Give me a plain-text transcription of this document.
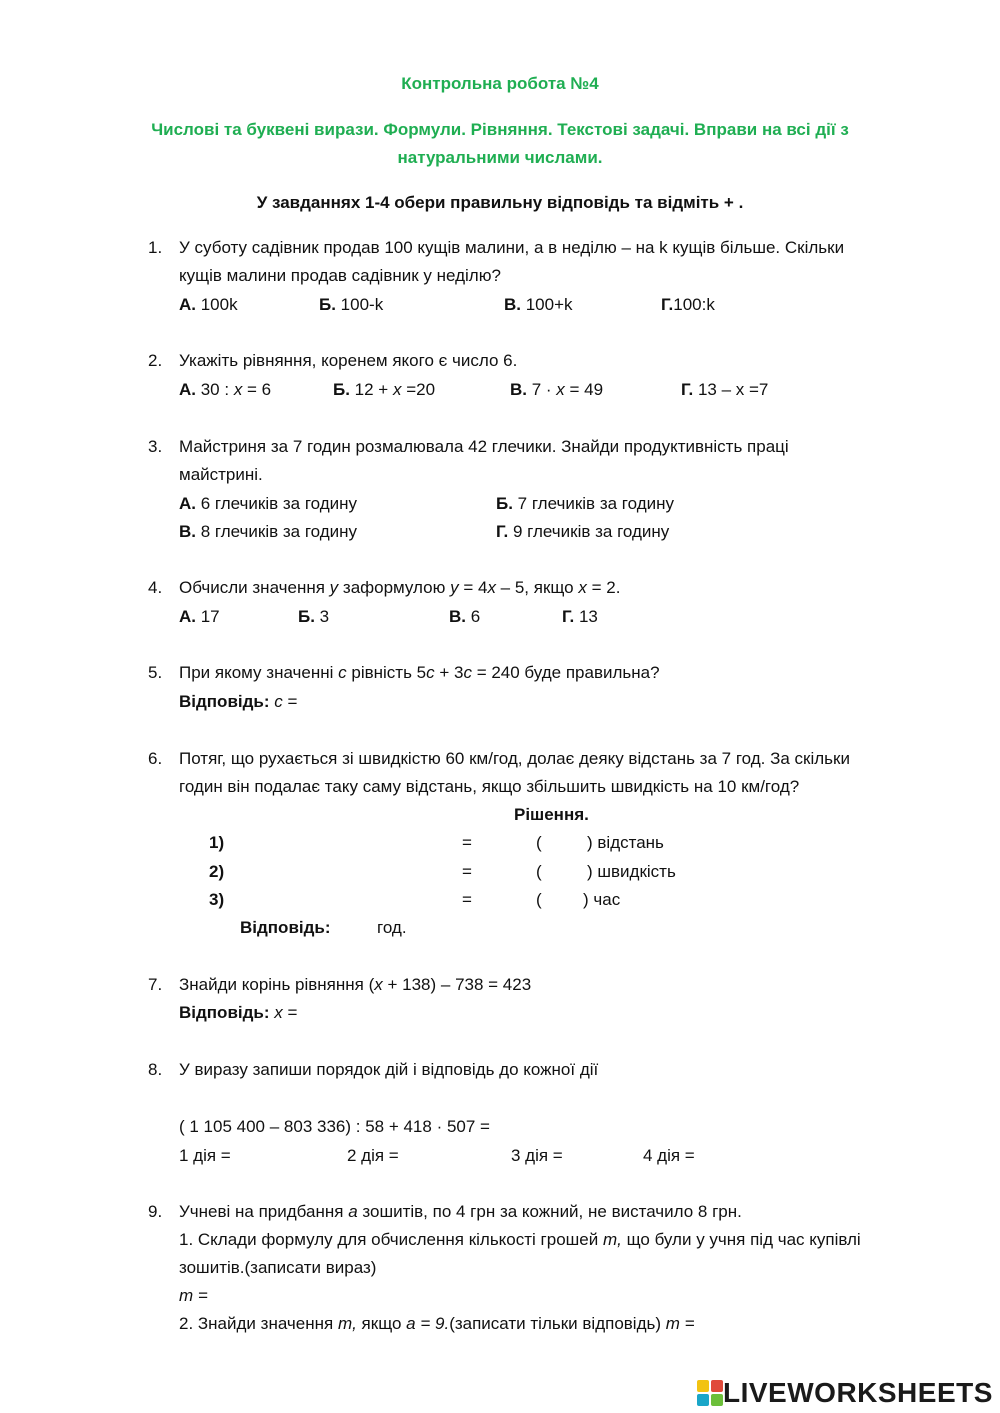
Контрольна робота №4
Числові та буквені вирази. Формули. Рівняння. Текстові задачі. Вправи на всі дії з
натуральними числами.
У завданнях 1-4 обери правильну відповідь та відміть + .
1. У суботу садівник продав 100 кущів малини, а в неділю – на k кущів більше. Скільки
кущів малини продав садівник у неділю?
А. 100k	Б. 100-k	В. 100+k	Г.100:k
2. Укажіть рівняння, коренем якого є число 6.
А. 30 : x = 6	Б. 12 + x =20	В. 7 · x = 49	Г. 13 – x =7
3. Майстриня за 7 годин розмалювала 42 глечики. Знайди продуктивність праці
майстрині.
А. 6 глечиків за годину	Б. 7 глечиків за годину
В. 8 глечиків за годину	Г. 9 глечиків за годину
4. Обчисли значення у заформулою у = 4х – 5, якщо х = 2.
А. 17	Б. 3	В. 6	Г. 13
5. При якому значенні с рівність 5с + 3с = 240 буде правильна?
Відповідь: с =
6. Потяг, що рухається зі швидкістю 60 км/год, долає деяку відстань за 7 год. За скільки
годин він подалає таку саму відстань, якщо збільшить швидкість на 10 км/год?
Рішення.
1)	=	(	) відстань
2)	=	(	) швидкість
3)	=	( ) час
Відповідь:	год.
7. Знайди корінь рівняння (х + 138) – 738 = 423
Відповідь: х =
8. У виразу запиши порядок дій і відповідь до кожної дії
( 1 105 400 – 803 336) : 58 + 418 · 507 =
1 дія =	2 дія =	3 дія =	4 дія =
9. Учневі на придбання а зошитів, по 4 грн за кожний, не вистачило 8 грн.
1. Склади формулу для обчислення кількості грошей m, що були у учня під час купівлі
зошитів.(записати вираз)
m =
2. Знайди значення m, якщо а = 9.(записати тільки відповідь) m =
LIVEWORKSHEETS
